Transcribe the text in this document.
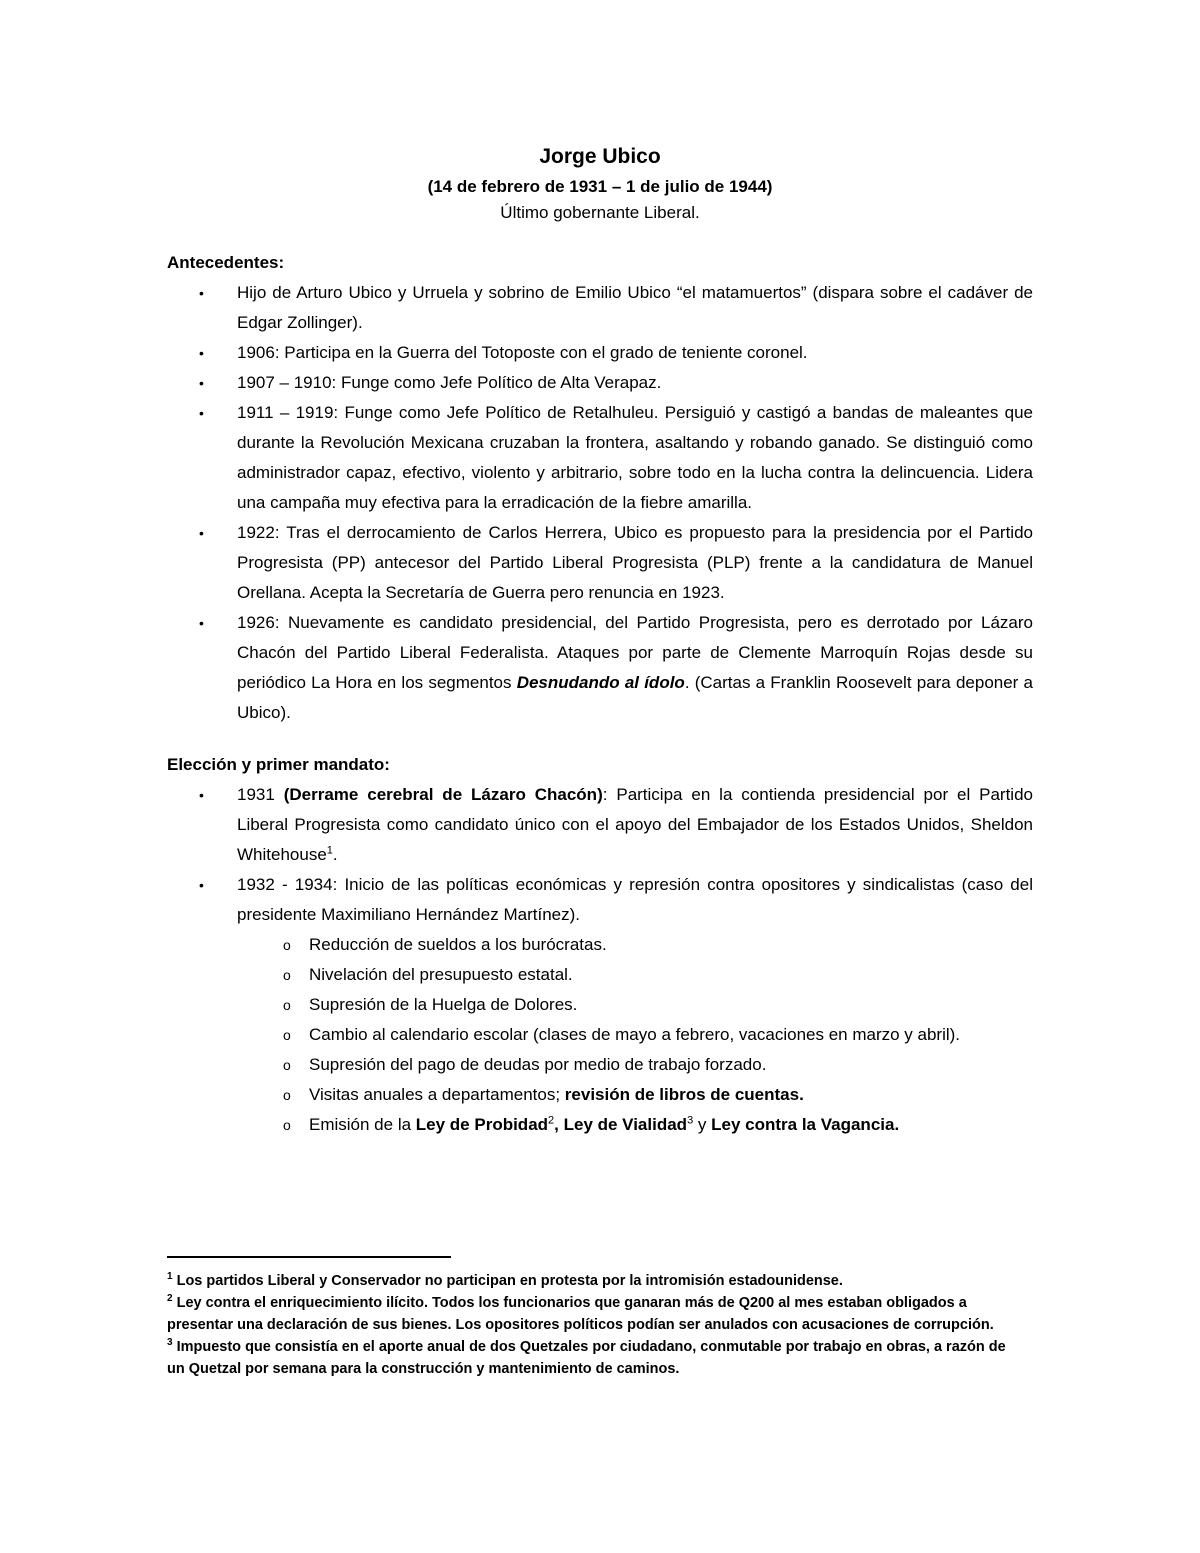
Jorge Ubico

(14 de febrero de 1931 – 1 de julio de 1944)

Último gobernante Liberal.

Antecedentes:

• Hijo de Arturo Ubico y Urruela y sobrino de Emilio Ubico “el matamuertos” (dispara sobre el cadáver de Edgar Zollinger).
• 1906: Participa en la Guerra del Totoposte con el grado de teniente coronel.
• 1907 – 1910: Funge como Jefe Político de Alta Verapaz.
• 1911 – 1919: Funge como Jefe Político de Retalhuleu. Persiguió y castigó a bandas de maleantes que durante la Revolución Mexicana cruzaban la frontera, asaltando y robando ganado. Se distinguió como administrador capaz, efectivo, violento y arbitrario, sobre todo en la lucha contra la delincuencia. Lidera una campaña muy efectiva para la erradicación de la fiebre amarilla.
• 1922: Tras el derrocamiento de Carlos Herrera, Ubico es propuesto para la presidencia por el Partido Progresista (PP) antecesor del Partido Liberal Progresista (PLP) frente a la candidatura de Manuel Orellana. Acepta la Secretaría de Guerra pero renuncia en 1923.
• 1926: Nuevamente es candidato presidencial, del Partido Progresista, pero es derrotado por Lázaro Chacón del Partido Liberal Federalista. Ataques por parte de Clemente Marroquín Rojas desde su periódico La Hora en los segmentos Desnudando al ídolo. (Cartas a Franklin Roosevelt para deponer a Ubico).

Elección y primer mandato:

• 1931 (Derrame cerebral de Lázaro Chacón): Participa en la contienda presidencial por el Partido Liberal Progresista como candidato único con el apoyo del Embajador de los Estados Unidos, Sheldon Whitehouse$^1$.
• 1932 - 1934: Inicio de las políticas económicas y represión contra opositores y sindicalistas (caso del presidente Maximiliano Hernández Martínez).
o Reducción de sueldos a los burócratas.
o Nivelación del presupuesto estatal.
o Supresión de la Huelga de Dolores.
o Cambio al calendario escolar (clases de mayo a febrero, vacaciones en marzo y abril).
o Supresión del pago de deudas por medio de trabajo forzado.
o Visitas anuales a departamentos; revisión de libros de cuentas.
o Emisión de la Ley de Probidad$^2$, Ley de Vialidad$^3$ y Ley contra la Vagancia.

$^1$ Los partidos Liberal y Conservador no participan en protesta por la intromisión estadounidense.

$^2$ Ley contra el enriquecimiento ilícito. Todos los funcionarios que ganaran más de Q200 al mes estaban obligados a presentar una declaración de sus bienes. Los opositores políticos podían ser anulados con acusaciones de corrupción.

$^3$ Impuesto que consistía en el aporte anual de dos Quetzales por ciudadano, conmutable por trabajo en obras, a razón de un Quetzal por semana para la construcción y mantenimiento de caminos.
